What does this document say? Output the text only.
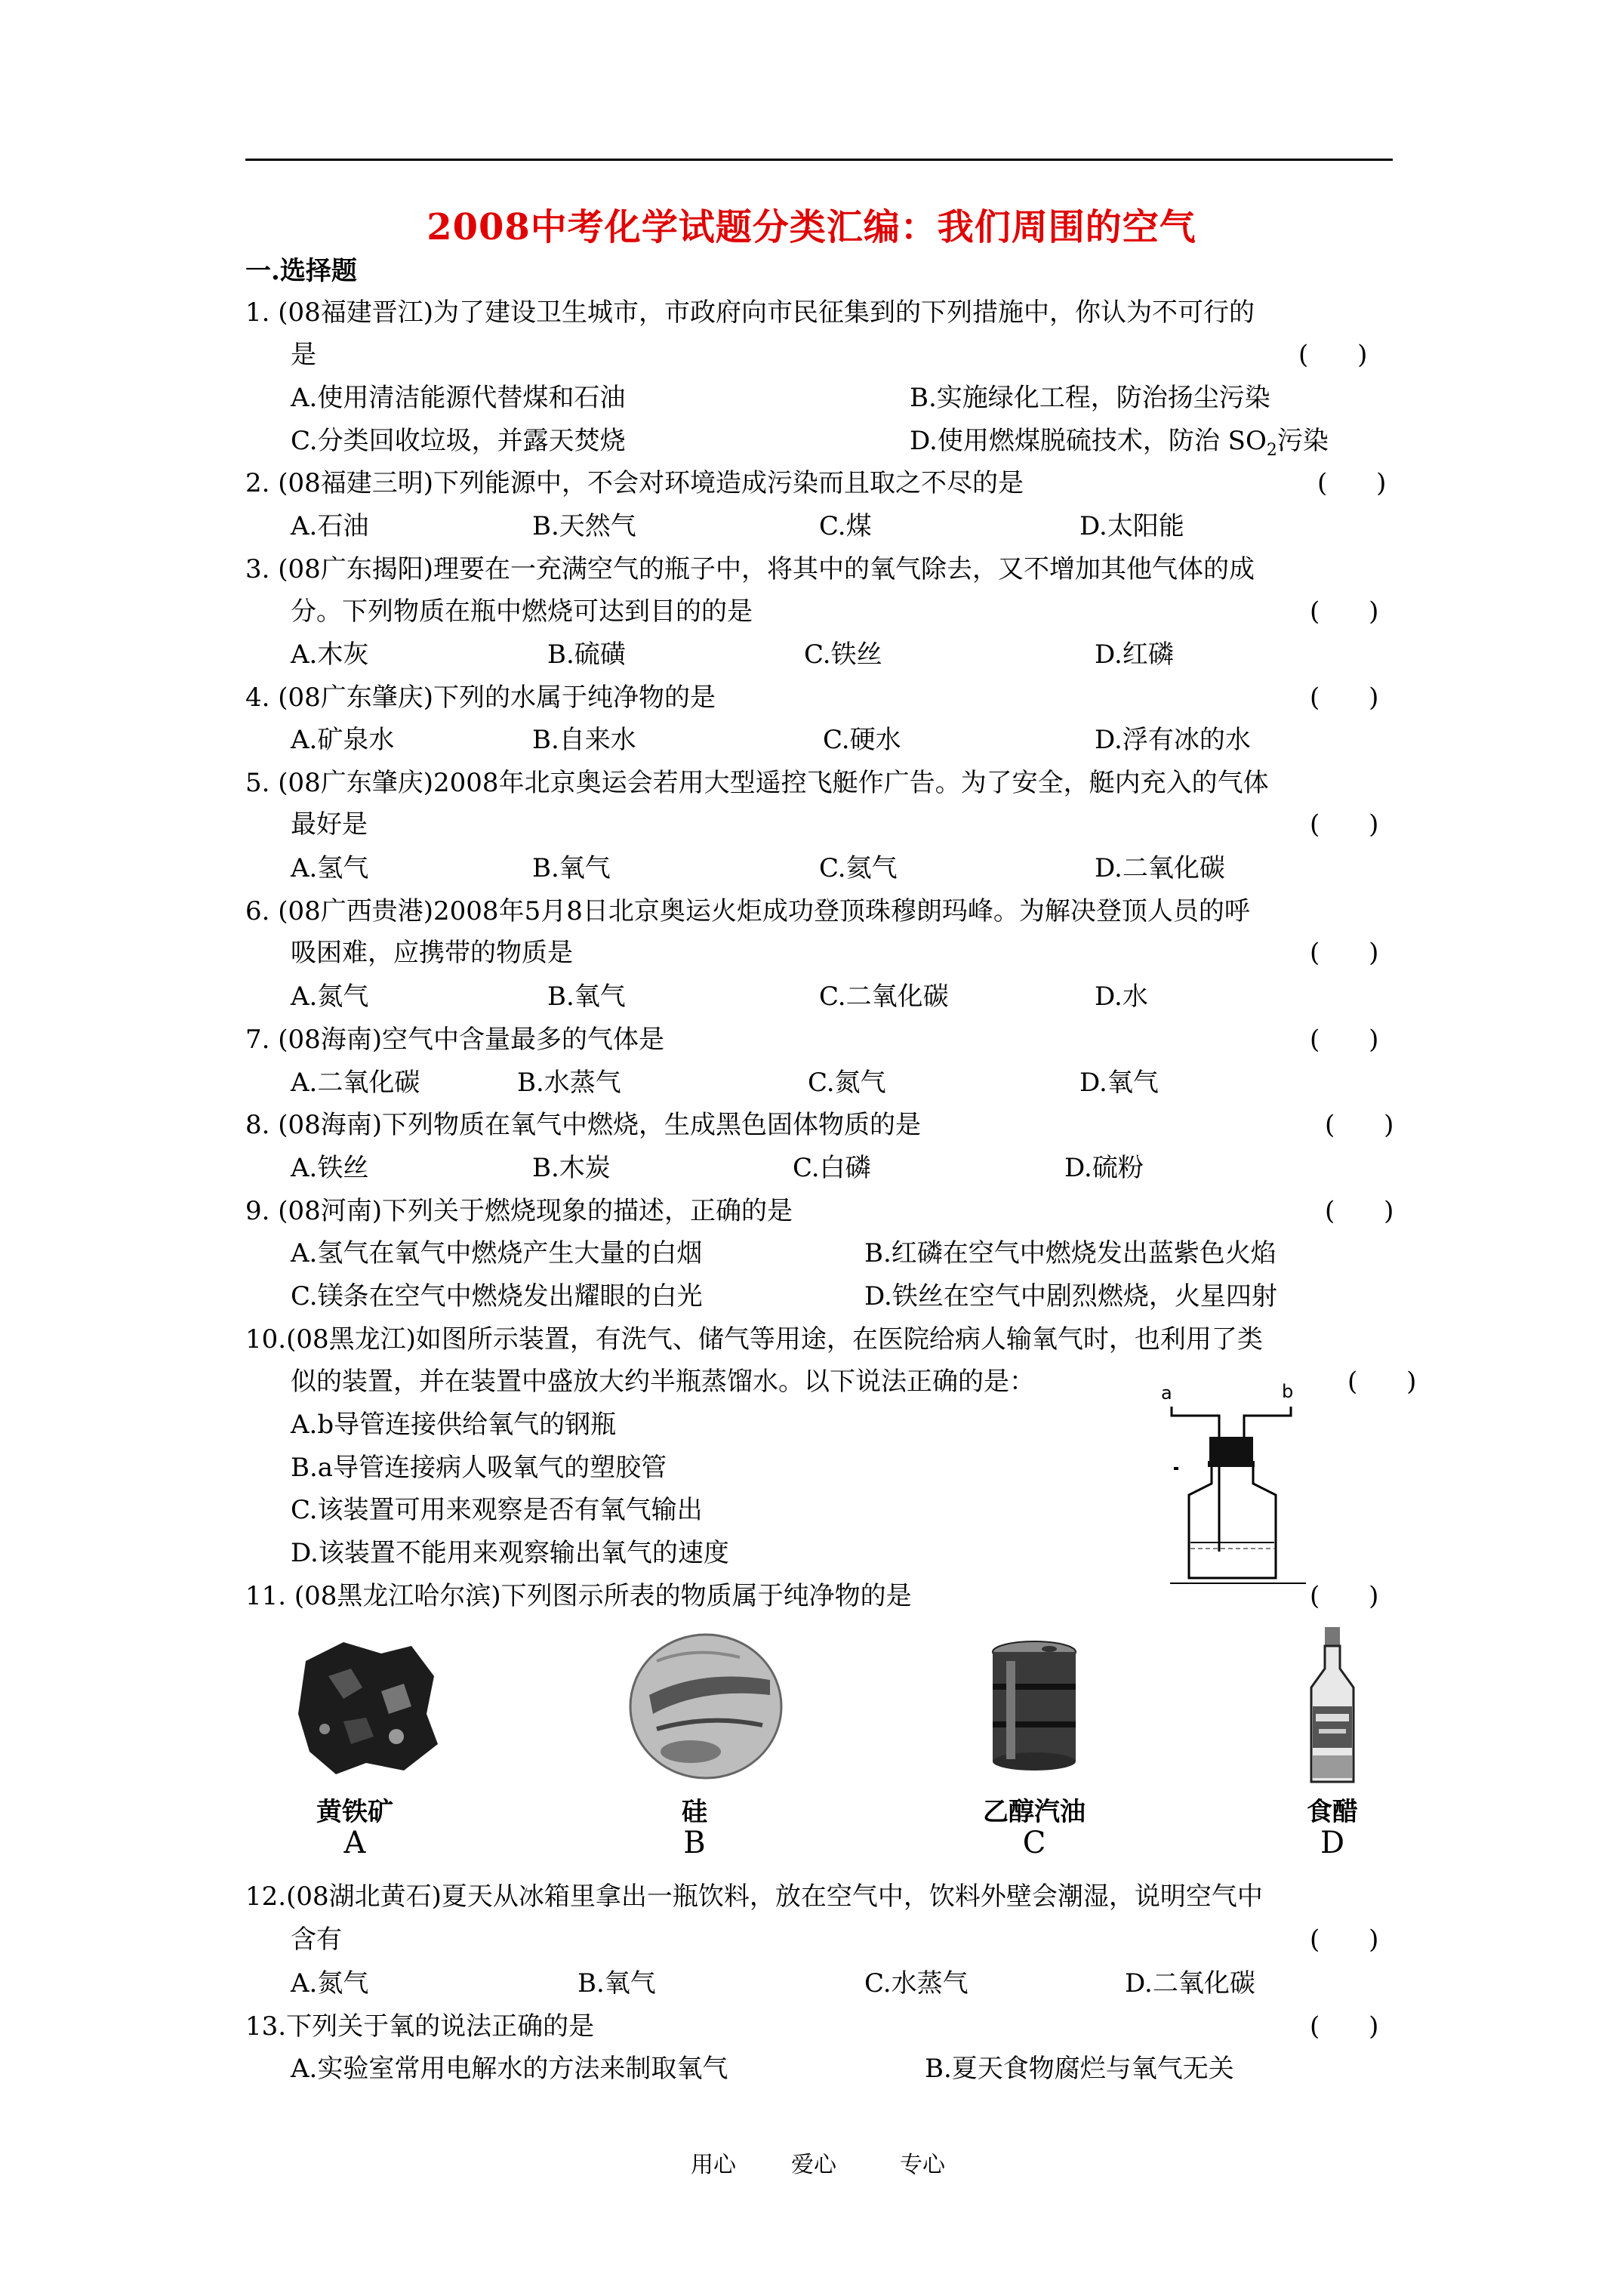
2008中考化学试题分类汇编：我们周围的空气
一.选择题
1. (08福建晋江)为了建设卫生城市，市政府向市民征集到的下列措施中，你认为不可行的
是	(      )
A.使用清洁能源代替煤和石油	B.实施绿化工程，防治扬尘污染
C.分类回收垃圾，并露天焚烧	D.使用燃煤脱硫技术，防治 $SO_2$污染
2. (08福建三明)下列能源中，不会对环境造成污染而且取之不尽的是	(      )
A.石油	B.天然气	C.煤	D.太阳能
3. (08广东揭阳)理要在一充满空气的瓶子中，将其中的氧气除去，又不增加其他气体的成
分。下列物质在瓶中燃烧可达到目的的是	(      )
A.木灰	B.硫磺	C.铁丝	D.红磷
4. (08广东肇庆)下列的水属于纯净物的是	(      )
A.矿泉水	B.自来水	C.硬水	D.浮有冰的水
5. (08广东肇庆)2008年北京奥运会若用大型遥控飞艇作广告。为了安全，艇内充入的气体
最好是	(      )
A.氢气	B.氧气	C.氦气	D.二氧化碳
6. (08广西贵港)2008年5月8日北京奥运火炬成功登顶珠穆朗玛峰。为解决登顶人员的呼
吸困难，应携带的物质是	(      )
A.氮气	B.氧气	C.二氧化碳	D.水
7. (08海南)空气中含量最多的气体是	(      )
A.二氧化碳	B.水蒸气	C.氮气	D.氧气
8. (08海南)下列物质在氧气中燃烧，生成黑色固体物质的是	(      )
A.铁丝	B.木炭	C.白磷	D.硫粉
9. (08河南)下列关于燃烧现象的描述，正确的是	(      )
A.氢气在氧气中燃烧产生大量的白烟	B.红磷在空气中燃烧发出蓝紫色火焰
C.镁条在空气中燃烧发出耀眼的白光	D.铁丝在空气中剧烈燃烧，火星四射
10.(08黑龙江)如图所示装置，有洗气、储气等用途，在医院给病人输氧气时，也利用了类
似的装置，并在装置中盛放大约半瓶蒸馏水。以下说法正确的是：	(      )
A.b导管连接供给氧气的钢瓶
B.a导管连接病人吸氧气的塑胶管
C.该装置可用来观察是否有氧气输出
D.该装置不能用来观察输出氧气的速度
a	b
11. (08黑龙江哈尔滨)下列图示所表的物质属于纯净物的是	(      )
黄铁矿	硅	乙醇汽油	食醋
A	B	C	D
12.(08湖北黄石)夏天从冰箱里拿出一瓶饮料，放在空气中，饮料外壁会潮湿，说明空气中
含有	(      )
A.氮气	B.氧气	C.水蒸气	D.二氧化碳
13.下列关于氧的说法正确的是	(      )
A.实验室常用电解水的方法来制取氧气	B.夏天食物腐烂与氧气无关
用心 爱心	专心
